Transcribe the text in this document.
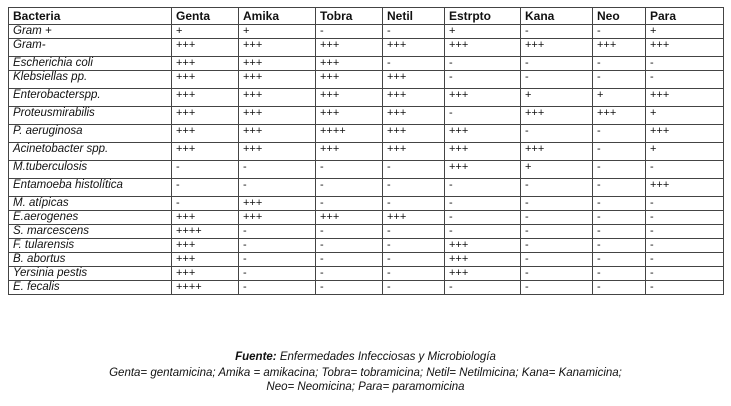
Bacteria	Genta	Amika	Tobra	Netil	Estrpto	Kana	Neo	Para
Gram +	+	+	-	-	+	-	-	+
Gram-	+++	+++	+++	+++	+++	+++	+++	+++
Escherichia coli	+++	+++	+++	-	-	-	-	-
Klebsiellas pp.	+++	+++	+++	+++	-	-	-	-
Enterobacterspp.	+++	+++	+++	+++	+++	+	+	+++
Proteusmirabilis	+++	+++	+++	+++	-	+++	+++	+
P. aeruginosa	+++	+++	++++	+++	+++	-	-	+++
Acinetobacter spp.	+++	+++	+++	+++	+++	+++	-	+
M.tuberculosis	-	-	-	-	+++	+	-	-
Entamoeba histolítica	-	-	-	-	-	-	-	+++
M. atípicas	-	+++	-	-	-	-	-	-
E.aerogenes	+++	+++	+++	+++	-	-	-	-
S. marcescens	++++	-	-	-	-	-	-	-
F. tularensis	+++	-	-	-	+++	-	-	-
B. abortus	+++	-	-	-	+++	-	-	-
Yersinia pestis	+++	-	-	-	+++	-	-	-
E. fecalis	++++	-	-	-	-	-	-	-
Fuente: Enfermedades Infecciosas y Microbiología
Genta= gentamicina; Amika = amikacina; Tobra= tobramicina; Netil= Netilmicina; Kana= Kanamicina;
Neo= Neomicina; Para= paramomicina
